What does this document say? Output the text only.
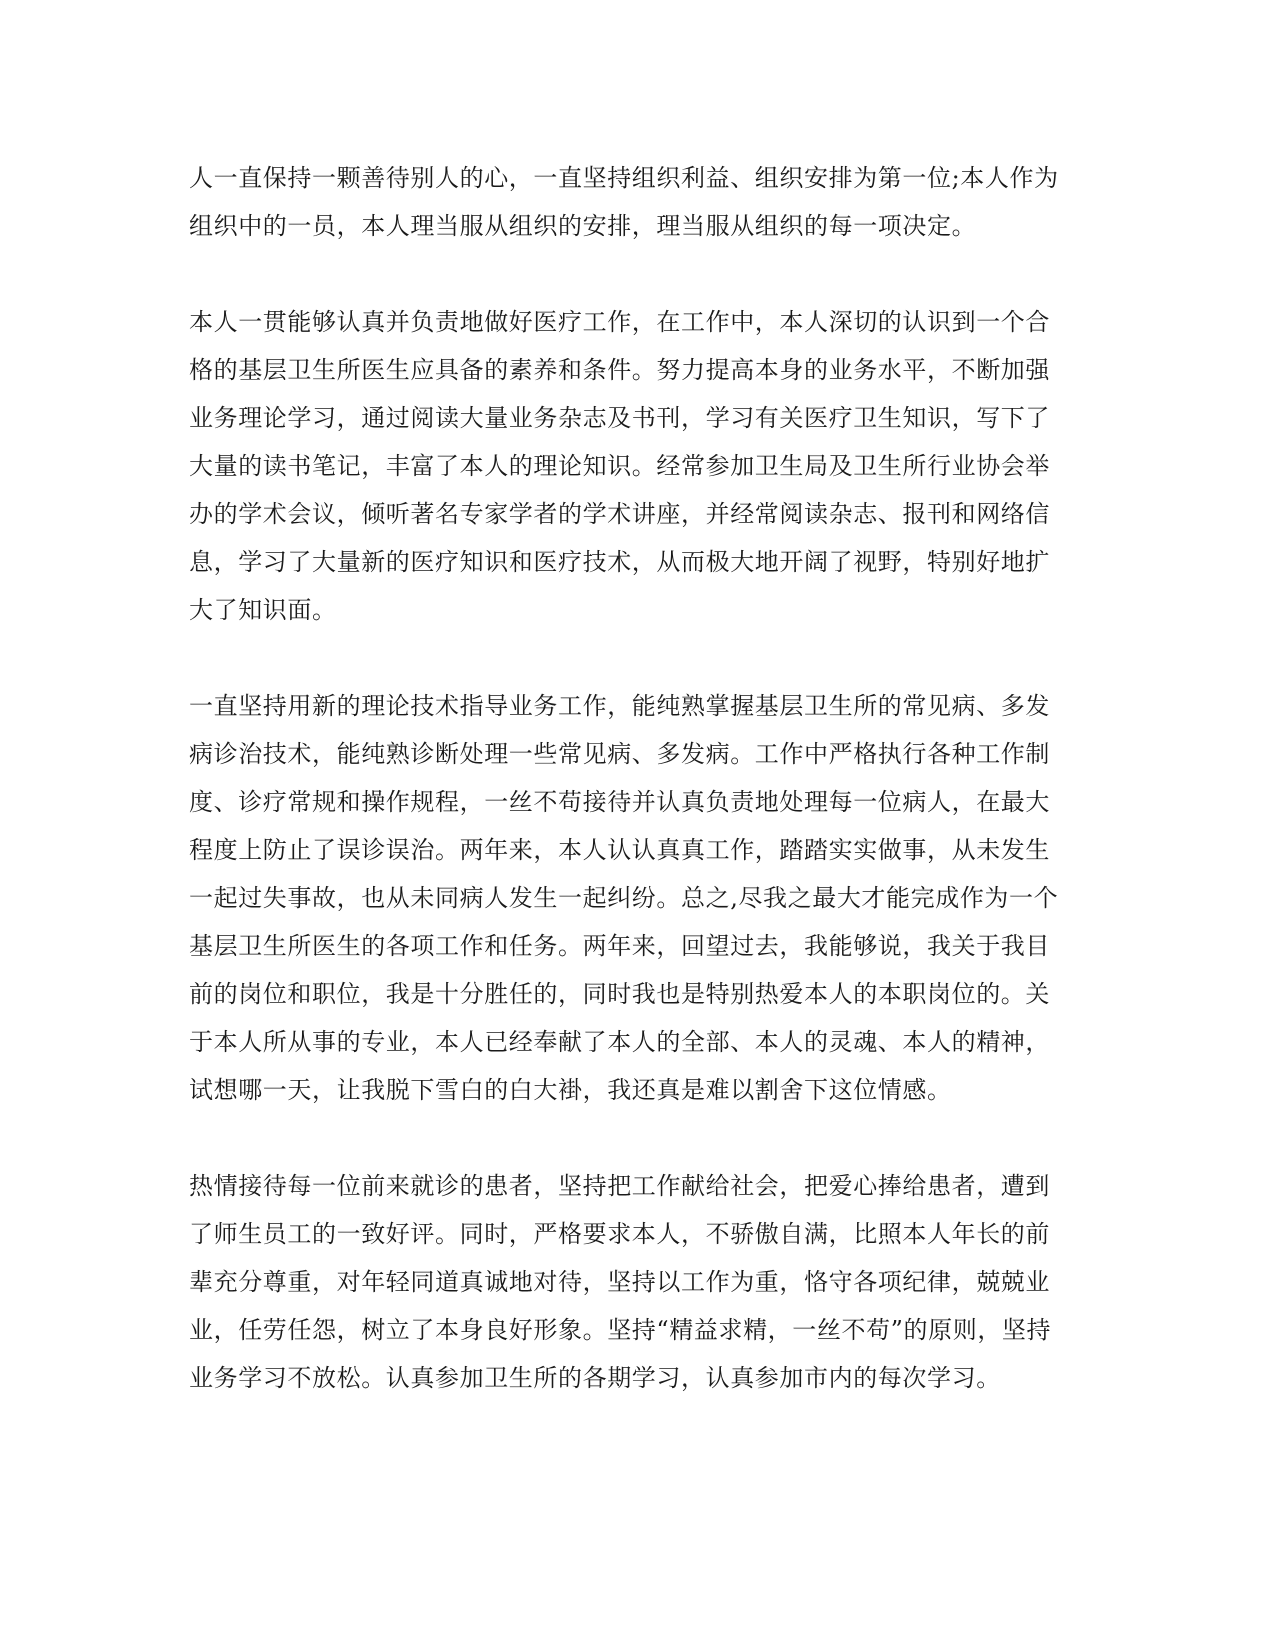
人一直保持一颗善待别人的心，一直坚持组织利益、组织安排为第一位;本人作为
组织中的一员，本人理当服从组织的安排，理当服从组织的每一项决定。
本人一贯能够认真并负责地做好医疗工作，在工作中，本人深切的认识到一个合
格的基层卫生所医生应具备的素养和条件。努力提高本身的业务水平，不断加强
业务理论学习，通过阅读大量业务杂志及书刊，学习有关医疗卫生知识，写下了
大量的读书笔记，丰富了本人的理论知识。经常参加卫生局及卫生所行业协会举
办的学术会议，倾听著名专家学者的学术讲座，并经常阅读杂志、报刊和网络信
息，学习了大量新的医疗知识和医疗技术，从而极大地开阔了视野，特别好地扩
大了知识面。
一直坚持用新的理论技术指导业务工作，能纯熟掌握基层卫生所的常见病、多发
病诊治技术，能纯熟诊断处理一些常见病、多发病。工作中严格执行各种工作制
度、诊疗常规和操作规程，一丝不苟接待并认真负责地处理每一位病人，在最大
程度上防止了误诊误治。两年来，本人认认真真工作，踏踏实实做事，从未发生
一起过失事故，也从未同病人发生一起纠纷。总之,尽我之最大才能完成作为一个
基层卫生所医生的各项工作和任务。两年来，回望过去，我能够说，我关于我目
前的岗位和职位，我是十分胜任的，同时我也是特别热爱本人的本职岗位的。关
于本人所从事的专业，本人已经奉献了本人的全部、本人的灵魂、本人的精神，
试想哪一天，让我脱下雪白的白大褂，我还真是难以割舍下这位情感。
热情接待每一位前来就诊的患者，坚持把工作献给社会，把爱心捧给患者，遭到
了师生员工的一致好评。同时，严格要求本人，不骄傲自满，比照本人年长的前
辈充分尊重，对年轻同道真诚地对待，坚持以工作为重，恪守各项纪律，兢兢业
业，任劳任怨，树立了本身良好形象。坚持“精益求精，一丝不苟”的原则，坚持
业务学习不放松。认真参加卫生所的各期学习，认真参加市内的每次学习。
